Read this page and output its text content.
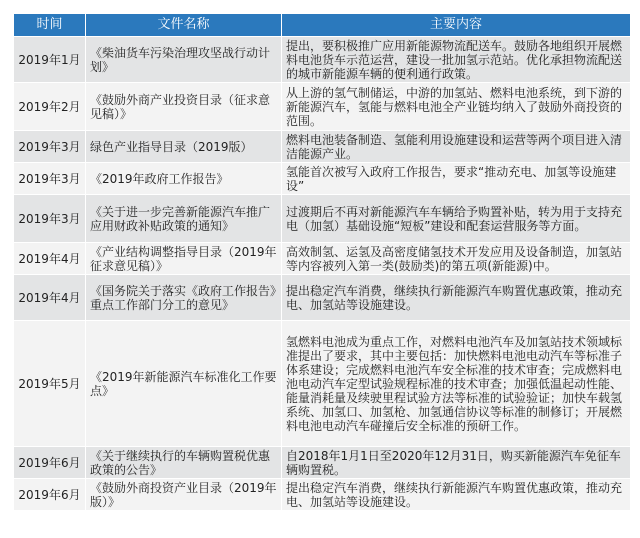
时间	文件名称	主要内容
2019年1月	《柴油货车污染治理攻坚战行动计划》	提出，要积极推广应用新能源物流配送车。鼓励各地组织开展燃料电池货车示范运营，建设一批加氢示范站。优化承担物流配送的城市新能源车辆的便利通行政策。
2019年2月	《鼓励外商产业投资目录（征求意见稿）》	从上游的氢气制储运，中游的加氢站、燃料电池系统，到下游的新能源汽车，氢能与燃料电池全产业链均纳入了鼓励外商投资的范围。
2019年3月	绿色产业指导目录（2019版）	燃料电池装备制造、氢能利用设施建设和运营等两个项目进入清洁能源产业。
2019年3月	《2019年政府工作报告》	氢能首次被写入政府工作报告，要求“推动充电、加氢等设施建设”
2019年3月	《关于进一步完善新能源汽车推广应用财政补贴政策的通知》	过渡期后不再对新能源汽车车辆给予购置补贴，转为用于支持充电（加氢）基础设施“短板”建设和配套运营服务等方面。
2019年4月	《产业结构调整指导目录（2019年征求意见稿）》	高效制氢、运氢及高密度储氢技术开发应用及设备制造，加氢站等内容被列入第一类(鼓励类)的第五项(新能源)中。
2019年4月	《国务院关于落实《政府工作报告》重点工作部门分工的意见》	提出稳定汽车消费，继续执行新能源汽车购置优惠政策，推动充电、加氢站等设施建设。
2019年5月	《2019年新能源汽车标准化工作要点》	氢燃料电池成为重点工作，对燃料电池汽车及加氢站技术领域标准提出了要求，其中主要包括：加快燃料电池电动汽车等标准子体系建设；完成燃料电池汽车安全标准的技术审查；完成燃料电池电动汽车定型试验规程标准的技术审查；加强低温起动性能、能量消耗量及续驶里程试验方法等标准的试验验证；加快车载氢系统、加氢口、加氢枪、加氢通信协议等标准的制修订；开展燃料电池电动汽车碰撞后安全标准的预研工作。
2019年6月	《关于继续执行的车辆购置税优惠政策的公告》	自2018年1月1日至2020年12月31日，购买新能源汽车免征车辆购置税。
2019年6月	《鼓励外商投资产业目录（2019年版）》	提出稳定汽车消费，继续执行新能源汽车购置优惠政策，推动充电、加氢站等设施建设。
